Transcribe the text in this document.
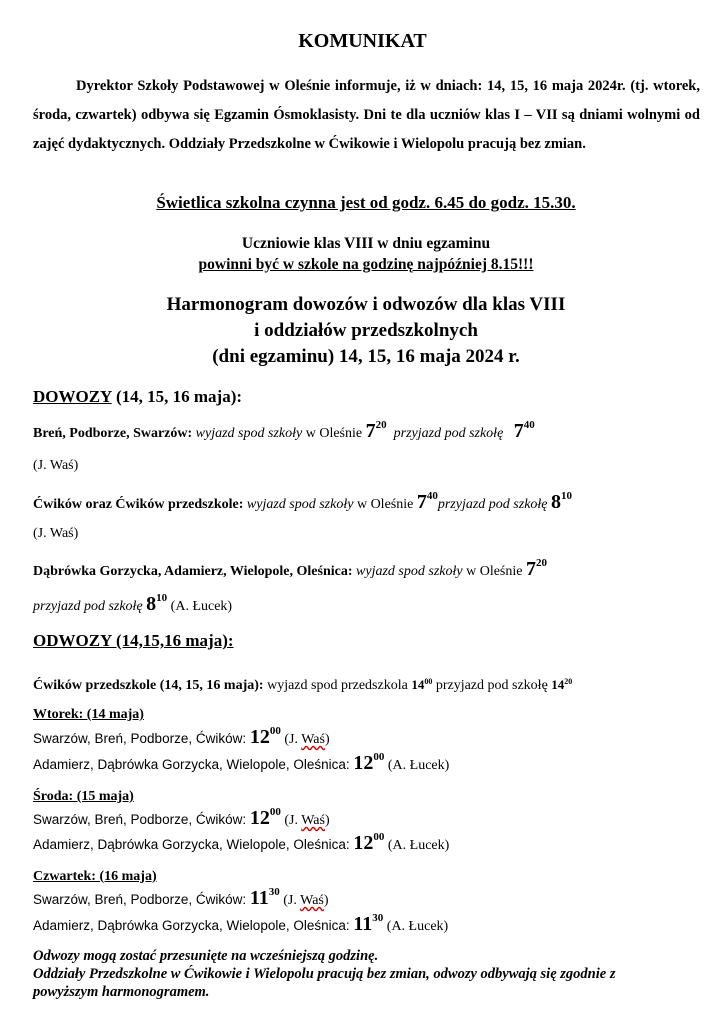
KOMUNIKAT
Dyrektor Szkoły Podstawowej w Oleśnie informuje, iż w dniach: 14, 15, 16 maja 2024r. (tj. wtorek, środa, czwartek) odbywa się Egzamin Ósmoklasisty. Dni te dla uczniów klas I – VII są dniami wolnymi od zajęć dydaktycznych. Oddziały Przedszkolne w Ćwikowie i Wielopolu pracują bez zmian.
Świetlica szkolna czynna jest od godz. 6.45 do godz. 15.30.
Uczniowie klas VIII w dniu egzaminu
powinni być w szkole na godzinę najpóźniej 8.15!!!
Harmonogram dowozów i odwozów dla klas VIII
i oddziałów przedszkolnych
(dni egzaminu) 14, 15, 16 maja 2024 r.
DOWOZY (14, 15, 16 maja):
Breń, Podborze, Swarzów: wyjazd spod szkoły w Oleśnie $7^{20}$  przyjazd pod szkołę $7^{40}$
(J. Waś)
Ćwików oraz Ćwików przedszkole: wyjazd spod szkoły w Oleśnie $7^{40}przyjazd$ pod szkołę $8^{10}$
(J. Waś)
Dąbrówka Gorzycka, Adamierz, Wielopole, Oleśnica: wyjazd spod szkoły w Oleśnie $7^{20}$
przyjazd pod szkołę $8^{10}$ (A. Łucek)
ODWOZY (14,15,16 maja):
Ćwików przedszkole (14, 15, 16 maja): wyjazd spod przedszkola $14^{00}$ przyjazd pod szkołę $14^{20}$
Wtorek: (14 maja)
Swarzów, Breń, Podborze, Ćwików: $12^{00}$ (J. Waś)
Adamierz, Dąbrówka Gorzycka, Wielopole, Oleśnica: $12^{00}$ (A. Łucek)
Środa: (15 maja)
Swarzów, Breń, Podborze, Ćwików: $12^{00}$ (J. Waś)
Adamierz, Dąbrówka Gorzycka, Wielopole, Oleśnica: $12^{00}$ (A. Łucek)
Czwartek: (16 maja)
Swarzów, Breń, Podborze, Ćwików: $11^{30}$ (J. Waś)
Adamierz, Dąbrówka Gorzycka, Wielopole, Oleśnica: $11^{30}$ (A. Łucek)
Odwozy mogą zostać przesunięte na wcześniejszą godzinę.
Oddziały Przedszkolne w Ćwikowie i Wielopolu pracują bez zmian, odwozy odbywają się zgodnie z powyższym harmonogramem.
